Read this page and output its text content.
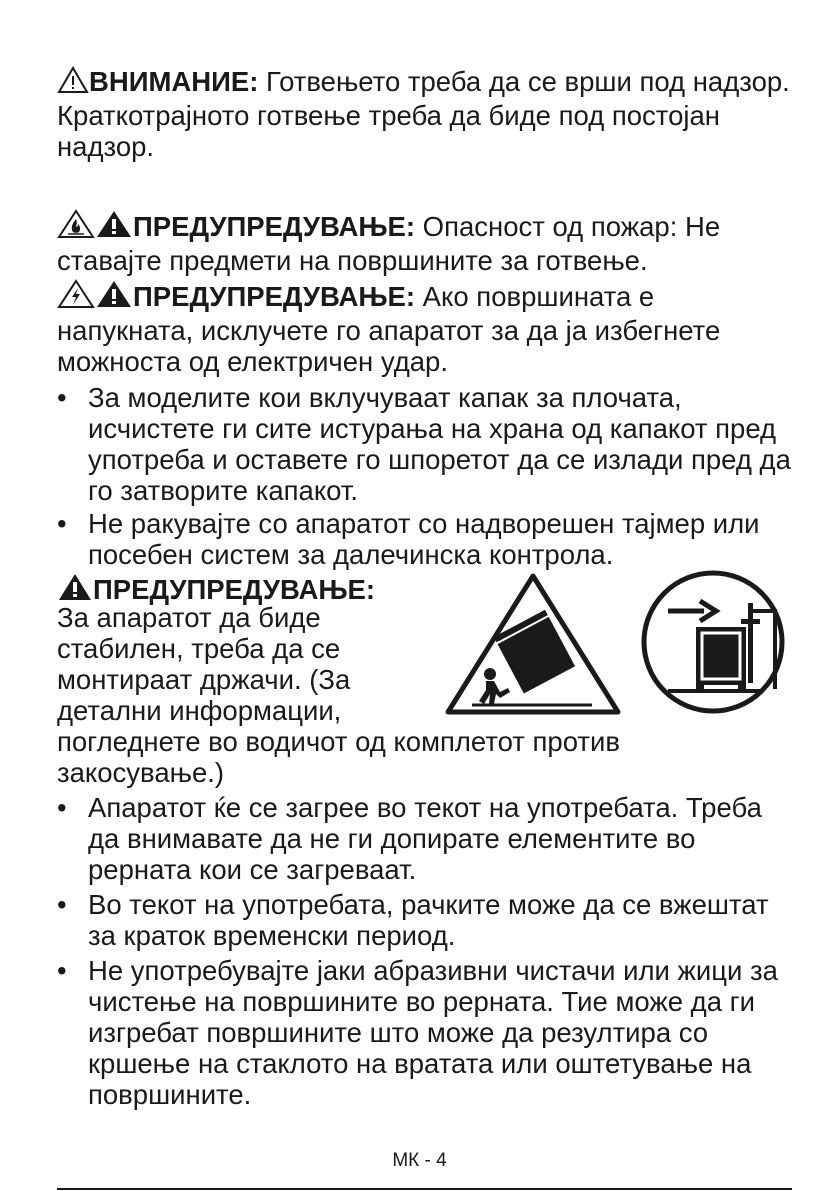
ВНИМАНИЕ: Готвењето треба да се врши под надзор. Краткотрајното готвење треба да биде под постојан надзор.
ПРЕДУПРЕДУВАЊЕ: Опасност од пожар: Не ставајте предмети на површините за готвење.
ПРЕДУПРЕДУВАЊЕ: Ако површината е напукната, исклучете го апаратот за да ја избегнете можноста од електричен удар.
• За моделите кои вклучуваат капак за плочата, исчистете ги сите истурања на храна од капакот пред употреба и оставете го шпоретот да се излади пред да го затворите капакот.
• Не ракувајте со апаратот со надворешен тајмер или посебен систем за далечинска контрола.
ПРЕДУПРЕДУВАЊЕ:
За апаратот да биде стабилен, треба да се монтираат држачи. (За детални информации,
погледнете во водичот од комплетот против закосување.)
• Апаратот ќе се загрее во текот на употребата. Треба да внимавате да не ги допирате елементите во рерната кои се загреваат.
• Во текот на употребата, рачките може да се вжештат за краток временски период.
• Не употребувајте јаки абразивни чистачи или жици за чистење на површините во рерната. Тие може да ги изгребат површините што може да резултира со кршење на стаклото на вратата или оштетување на површините.
МК - 4
